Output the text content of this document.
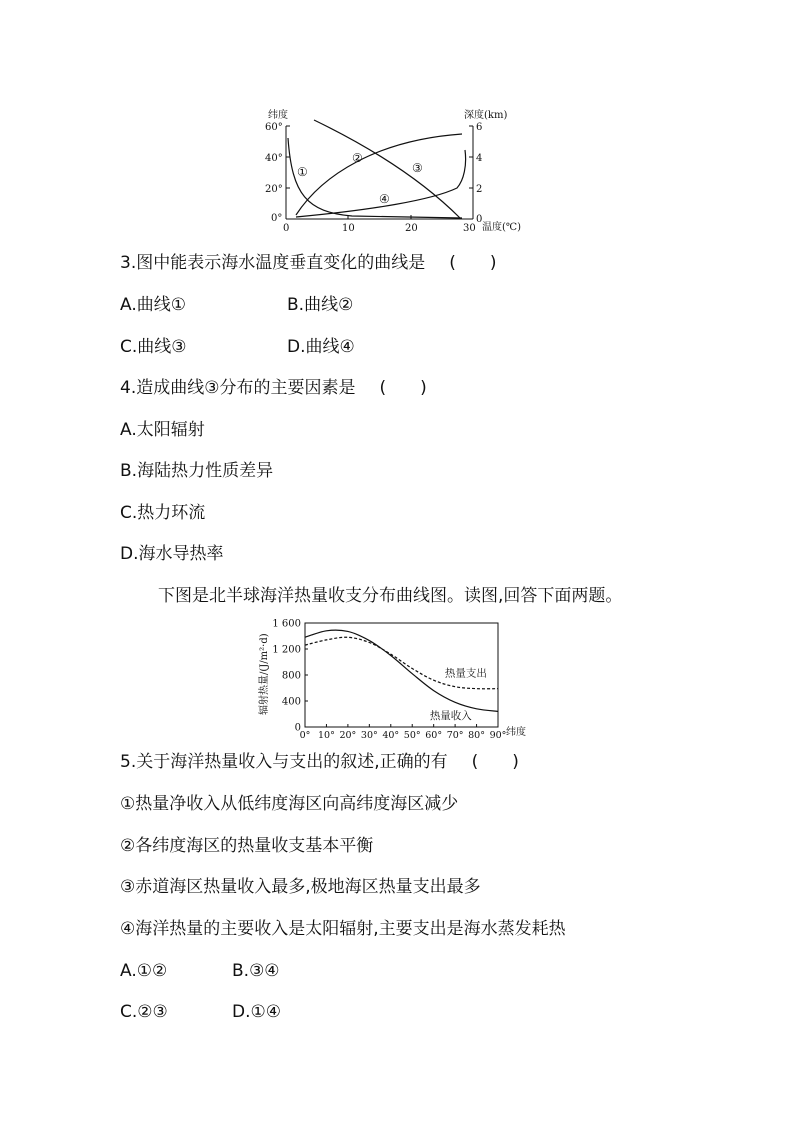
纬度	深度(km)
温度(℃)
60°
40°
20°
0°
6
4
2
0
0	10	20	30
①
②
③
④
3.图中能表示海水温度垂直变化的曲线是 (　　)
A.曲线①	B.曲线②
C.曲线③	D.曲线④
4.造成曲线③分布的主要因素是 (　　)
A.太阳辐射
B.海陆热力性质差异
C.热力环流
D.海水导热率
下图是北半球海洋热量收支分布曲线图。读图,回答下面两题。
辐射热量/(J/m²·d)
纬度
0
400
800
1 200
1 600
0° 10° 20° 30° 40° 50° 60° 70° 80° 90°
热量收入
热量支出
5.关于海洋热量收入与支出的叙述,正确的有 (　　)
①热量净收入从低纬度海区向高纬度海区减少
②各纬度海区的热量收支基本平衡
③赤道海区热量收入最多,极地海区热量支出最多
④海洋热量的主要收入是太阳辐射,主要支出是海水蒸发耗热
A.①②	B.③④
C.②③	D.①④
